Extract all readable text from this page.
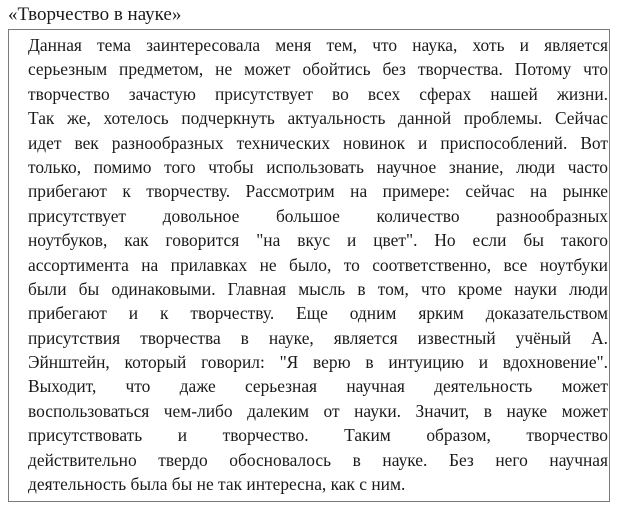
«Творчество в науке»
Данная тема заинтересовала меня тем, что наука, хоть и является
серьезным предметом, не может обойтись без творчества. Потому что
творчество зачастую присутствует во всех сферах нашей жизни.
Так же, хотелось подчеркнуть актуальность данной проблемы. Сейчас
идет век разнообразных технических новинок и приспособлений. Вот
только, помимо того чтобы использовать научное знание, люди часто
прибегают к творчеству. Рассмотрим на примере: сейчас на рынке
присутствует довольное большое количество разнообразных
ноутбуков, как говорится "на вкус и цвет". Но если бы такого
ассортимента на прилавках не было, то соответственно, все ноутбуки
были бы одинаковыми. Главная мысль в том, что кроме науки люди
прибегают и к творчеству. Еще одним ярким доказательством
присутствия творчества в науке, является известный учёный А.
Эйнштейн, который говорил: "Я верю в интуицию и вдохновение".
Выходит, что даже серьезная научная деятельность может
воспользоваться чем-либо далеким от науки. Значит, в науке может
присутствовать и творчество. Таким образом, творчество
действительно твердо обосновалось в науке. Без него научная
деятельность была бы не так интересна, как с ним.
